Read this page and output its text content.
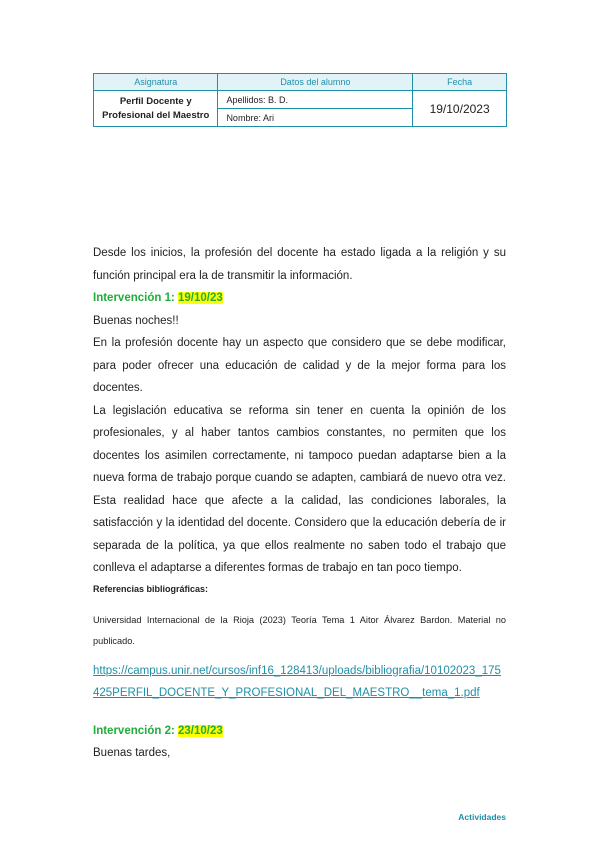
Asignatura	Datos del alumno	Fecha
Perfil Docente y Profesional del Maestro	Apellidos: B. D.	19/10/2023
	Nombre: Ari	

Desde los inicios, la profesión del docente ha estado ligada a la religión y su función principal era la de transmitir la información.

Intervención 1: 19/10/23

Buenas noches!!

En la profesión docente hay un aspecto que considero que se debe modificar, para poder ofrecer una educación de calidad y de la mejor forma para los docentes.

La legislación educativa se reforma sin tener en cuenta la opinión de los profesionales, y al haber tantos cambios constantes, no permiten que los docentes los asimilen correctamente, ni tampoco puedan adaptarse bien a la nueva forma de trabajo porque cuando se adapten, cambiará de nuevo otra vez. Esta realidad hace que afecte a la calidad, las condiciones laborales, la satisfacción y la identidad del docente. Considero que la educación debería de ir separada de la política, ya que ellos realmente no saben todo el trabajo que conlleva el adaptarse a diferentes formas de trabajo en tan poco tiempo.

Referencias bibliográficas:

Universidad Internacional de la Rioja (2023) Teoría Tema 1 Aitor Álvarez Bardon. Material no publicado.

https://campus.unir.net/cursos/inf16_128413/uploads/bibliografia/10102023_175425PERFIL_DOCENTE_Y_PROFESIONAL_DEL_MAESTRO__tema_1.pdf

Intervención 2: 23/10/23

Buenas tardes,

Actividades
